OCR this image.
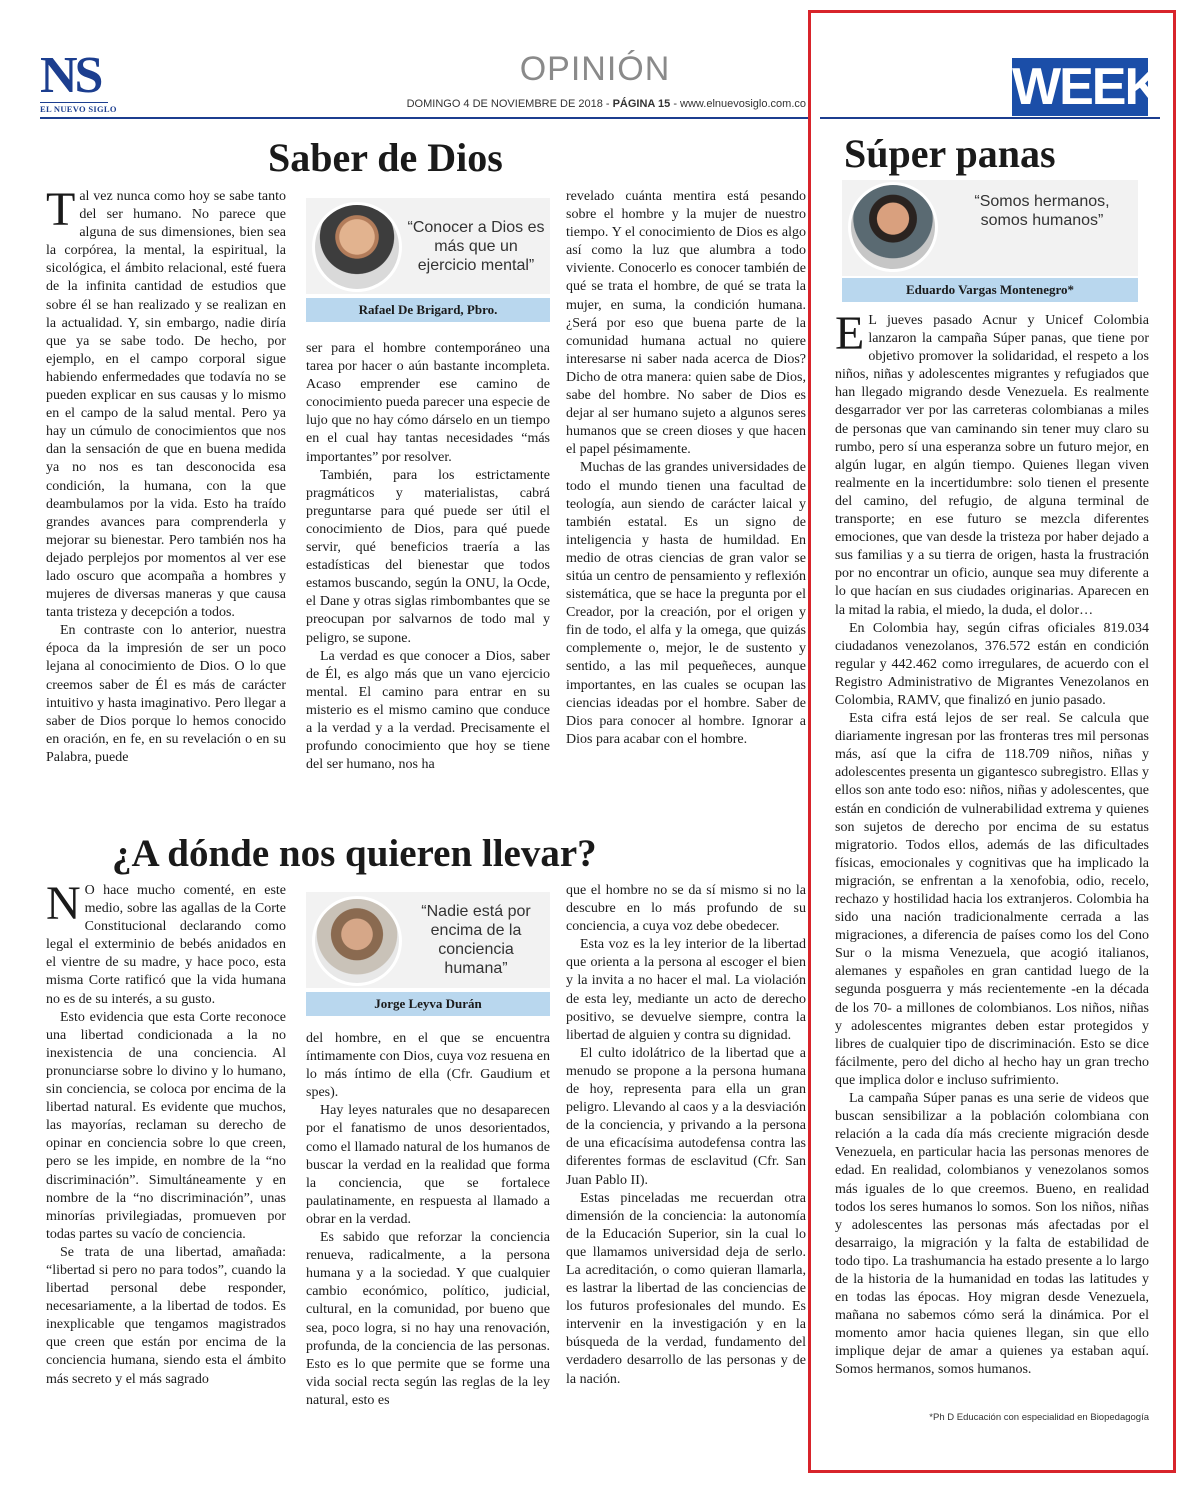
NS
EL NUEVO SIGLO
OPINIÓN
DOMINGO 4 DE NOVIEMBRE DE 2018 - PÁGINA 15 - www.elnuevosiglo.com.co	WEEK
Saber de Dios

Tal vez nunca como hoy se sabe tanto del ser humano. No parece que alguna de sus dimensiones, bien sea la corpórea, la mental, la espiritual, la sicológica, el ámbito relacional, esté fuera de la infinita cantidad de estudios que sobre él se han realizado y se realizan en la actualidad. Y, sin embargo, nadie diría que ya se sabe todo. De hecho, por ejemplo, en el campo corporal sigue habiendo enfermedades que todavía no se pueden explicar en sus causas y lo mismo en el campo de la salud mental. Pero ya hay un cúmulo de conocimientos que nos dan la sensación de que en buena medida ya no nos es tan desconocida esa condición, la humana, con la que deambulamos por la vida. Esto ha traído grandes avances para comprenderla y mejorar su bienestar. Pero también nos ha dejado perplejos por momentos al ver ese lado oscuro que acompaña a hombres y mujeres de diversas maneras y que causa tanta tristeza y decepción a todos.

En contraste con lo anterior, nuestra época da la impresión de ser un poco lejana al conocimiento de Dios. O lo que creemos saber de Él es más de carácter intuitivo y hasta imaginativo. Pero llegar a saber de Dios porque lo hemos conocido en oración, en fe, en su revelación o en su Palabra, puede

“Conocer a Dios es más que un ejercicio mental”
Rafael De Brigard, Pbro.

ser para el hombre contemporáneo una tarea por hacer o aún bastante incompleta. Acaso emprender ese camino de conocimiento pueda parecer una especie de lujo que no hay cómo dárselo en un tiempo en el cual hay tantas necesidades “más importantes” por resolver.

También, para los estrictamente pragmáticos y materialistas, cabrá preguntarse para qué puede ser útil el conocimiento de Dios, para qué puede servir, qué beneficios traería a las estadísticas del bienestar que todos estamos buscando, según la ONU, la Ocde, el Dane y otras siglas rimbombantes que se preocupan por salvarnos de todo mal y peligro, se supone.

La verdad es que conocer a Dios, saber de Él, es algo más que un vano ejercicio mental. El camino para entrar en su misterio es el mismo camino que conduce a la verdad y a la verdad. Precisamente el profundo conocimiento que hoy se tiene del ser humano, nos ha

revelado cuánta mentira está pesando sobre el hombre y la mujer de nuestro tiempo. Y el conocimiento de Dios es algo así como la luz que alumbra a todo viviente. Conocerlo es conocer también de qué se trata el hombre, de qué se trata la mujer, en suma, la condición humana. ¿Será por eso que buena parte de la comunidad humana actual no quiere interesarse ni saber nada acerca de Dios? Dicho de otra manera: quien sabe de Dios, sabe del hombre. No saber de Dios es dejar al ser humano sujeto a algunos seres humanos que se creen dioses y que hacen el papel pésimamente.

Muchas de las grandes universidades de todo el mundo tienen una facultad de teología, aun siendo de carácter laical y también estatal. Es un signo de inteligencia y hasta de humildad. En medio de otras ciencias de gran valor se sitúa un centro de pensamiento y reflexión sistemática, que se hace la pregunta por el Creador, por la creación, por el origen y fin de todo, el alfa y la omega, que quizás complemente o, mejor, le de sustento y sentido, a las mil pequeñeces, aunque importantes, en las cuales se ocupan las ciencias ideadas por el hombre. Saber de Dios para conocer al hombre. Ignorar a Dios para acabar con el hombre.

¿A dónde nos quieren llevar?

N O hace mucho comenté, en este medio, sobre las agallas de la Corte Constitucional declarando como legal el exterminio de bebés anidados en el vientre de su madre, y hace poco, esta misma Corte ratificó que la vida humana no es de su interés, a su gusto.

Esto evidencia que esta Corte reconoce una libertad condicionada a la no inexistencia de una conciencia. Al pronunciarse sobre lo divino y lo humano, sin conciencia, se coloca por encima de la libertad natural. Es evidente que muchos, las mayorías, reclaman su derecho de opinar en conciencia sobre lo que creen, pero se les impide, en nombre de la “no discriminación”. Simultáneamente y en nombre de la “no discriminación”, unas minorías privilegiadas, promueven por todas partes su vacío de conciencia.

Se trata de una libertad, amañada: “libertad si pero no para todos”, cuando la libertad personal debe responder, necesariamente, a la libertad de todos. Es inexplicable que tengamos magistrados que creen que están por encima de la conciencia humana, siendo esta el ámbito más secreto y el más sagrado

“Nadie está por encima de la conciencia humana”
Jorge Leyva Durán

del hombre, en el que se encuentra íntimamente con Dios, cuya voz resuena en lo más íntimo de ella (Cfr. Gaudium et spes).

Hay leyes naturales que no desaparecen por el fanatismo de unos desorientados, como el llamado natural de los humanos de buscar la verdad en la realidad que forma la conciencia, que se fortalece paulatinamente, en respuesta al llamado a obrar en la verdad.

Es sabido que reforzar la conciencia renueva, radicalmente, a la persona humana y a la sociedad. Y que cualquier cambio económico, político, judicial, cultural, en la comunidad, por bueno que sea, poco logra, si no hay una renovación, profunda, de la conciencia de las personas. Esto es lo que permite que se forme una vida social recta según las reglas de la ley natural, esto es

que el hombre no se da sí mismo si no la descubre en lo más profundo de su conciencia, a cuya voz debe obedecer.

Esta voz es la ley interior de la libertad que orienta a la persona al escoger el bien y la invita a no hacer el mal. La violación de esta ley, mediante un acto de derecho positivo, se devuelve siempre, contra la libertad de alguien y contra su dignidad.

El culto idolátrico de la libertad que a menudo se propone a la persona humana de hoy, representa para ella un gran peligro. Llevando al caos y a la desviación de la conciencia, y privando a la persona de una eficacísima autodefensa contra las diferentes formas de esclavitud (Cfr. San Juan Pablo II).

Estas pinceladas me recuerdan otra dimensión de la conciencia: la autonomía de la Educación Superior, sin la cual lo que llamamos universidad deja de serlo. La acreditación, o como quieran llamarla, es lastrar la libertad de las conciencias de los futuros profesionales del mundo. Es intervenir en la investigación y en la búsqueda de la verdad, fundamento del verdadero desarrollo de las personas y de la nación.

Súper panas
“Somos hermanos, somos humanos”
Eduardo Vargas Montenegro*

E L jueves pasado Acnur y Unicef Colombia lanzaron la campaña Súper panas, que tiene por objetivo promover la solidaridad, el respeto a los niños, niñas y adolescentes migrantes y refugiados que han llegado migrando desde Venezuela. Es realmente desgarrador ver por las carreteras colombianas a miles de personas que van caminando sin tener muy claro su rumbo, pero sí una esperanza sobre un futuro mejor, en algún lugar, en algún tiempo. Quienes llegan viven realmente en la incertidumbre: solo tienen el presente del camino, del refugio, de alguna terminal de transporte; en ese futuro se mezcla diferentes emociones, que van desde la tristeza por haber dejado a sus familias y a su tierra de origen, hasta la frustración por no encontrar un oficio, aunque sea muy diferente a lo que hacían en sus ciudades originarias. Aparecen en la mitad la rabia, el miedo, la duda, el dolor…

En Colombia hay, según cifras oficiales 819.034 ciudadanos venezolanos, 376.572 están en condición regular y 442.462 como irregulares, de acuerdo con el Registro Administrativo de Migrantes Venezolanos en Colombia, RAMV, que finalizó en junio pasado.

Esta cifra está lejos de ser real. Se calcula que diariamente ingresan por las fronteras tres mil personas más, así que la cifra de 118.709 niños, niñas y adolescentes presenta un gigantesco subregistro. Ellas y ellos son ante todo eso: niños, niñas y adolescentes, que están en condición de vulnerabilidad extrema y quienes son sujetos de derecho por encima de su estatus migratorio. Todos ellos, además de las dificultades físicas, emocionales y cognitivas que ha implicado la migración, se enfrentan a la xenofobia, odio, recelo, rechazo y hostilidad hacia los extranjeros. Colombia ha sido una nación tradicionalmente cerrada a las migraciones, a diferencia de países como los del Cono Sur o la misma Venezuela, que acogió italianos, alemanes y españoles en gran cantidad luego de la segunda posguerra y más recientemente -en la década de los 70- a millones de colombianos. Los niños, niñas y adolescentes migrantes deben estar protegidos y libres de cualquier tipo de discriminación. Esto se dice fácilmente, pero del dicho al hecho hay un gran trecho que implica dolor e incluso sufrimiento.

La campaña Súper panas es una serie de videos que buscan sensibilizar a la población colombiana con relación a la cada día más creciente migración desde Venezuela, en particular hacia las personas menores de edad. En realidad, colombianos y venezolanos somos más iguales de lo que creemos. Bueno, en realidad todos los seres humanos lo somos. Son los niños, niñas y adolescentes las personas más afectadas por el desarraigo, la migración y la falta de estabilidad de todo tipo. La trashumancia ha estado presente a lo largo de la historia de la humanidad en todas las latitudes y en todas las épocas. Hoy migran desde Venezuela, mañana no sabemos cómo será la dinámica. Por el momento amor hacia quienes llegan, sin que ello implique dejar de amar a quienes ya estaban aquí. Somos hermanos, somos humanos.

*Ph D Educación con especialidad en Biopedagogía
